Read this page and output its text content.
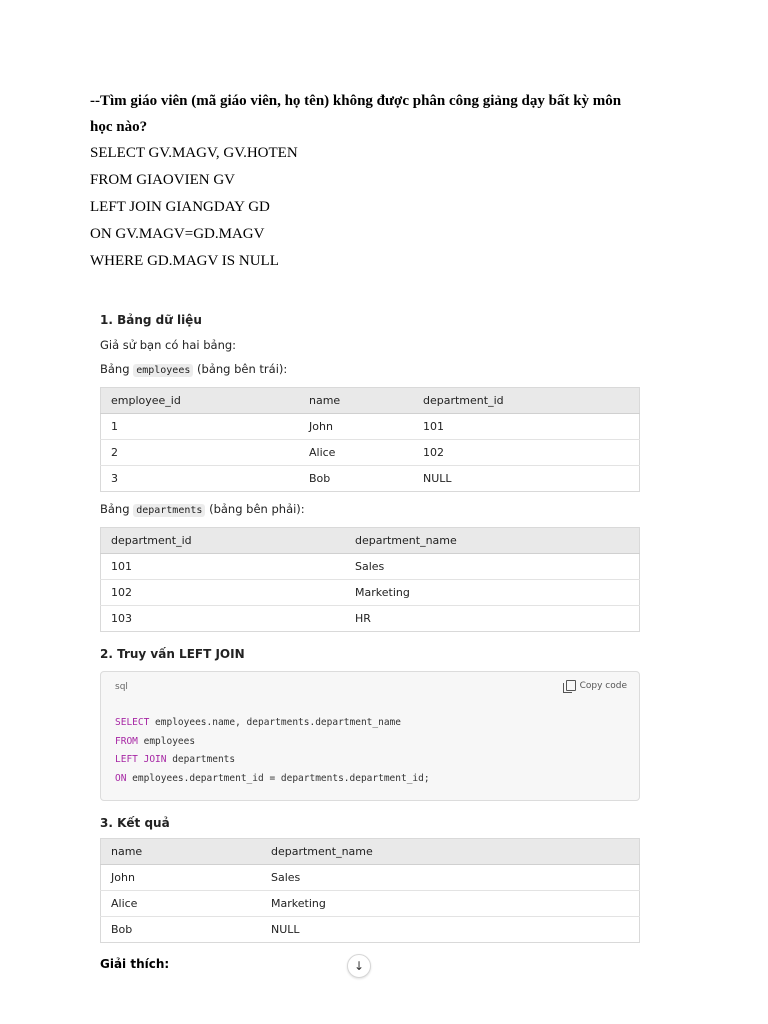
--Tìm giáo viên (mã giáo viên, họ tên) không được phân công giảng dạy bất kỳ môn

học nào?

SELECT GV.MAGV, GV.HOTEN

FROM GIAOVIEN GV

LEFT JOIN GIANGDAY GD

ON GV.MAGV=GD.MAGV

WHERE GD.MAGV IS NULL

1. Bảng dữ liệu

Giả sử bạn có hai bảng:

Bảng employees (bảng bên trái):

employee_id	name	department_id
1	John	101
2	Alice	102
3	Bob	NULL

Bảng departments (bảng bên phải):

department_id	department_name
101	Sales
102	Marketing
103	HR

2. Truy vấn LEFT JOIN

sql	Copy code
SELECT employees.name, departments.department_name
FROM employees
LEFT JOIN departments
ON employees.department_id = departments.department_id;

3. Kết quả

name	department_name
John	Sales
Alice	Marketing
Bob	NULL
Giải thích:	↓
